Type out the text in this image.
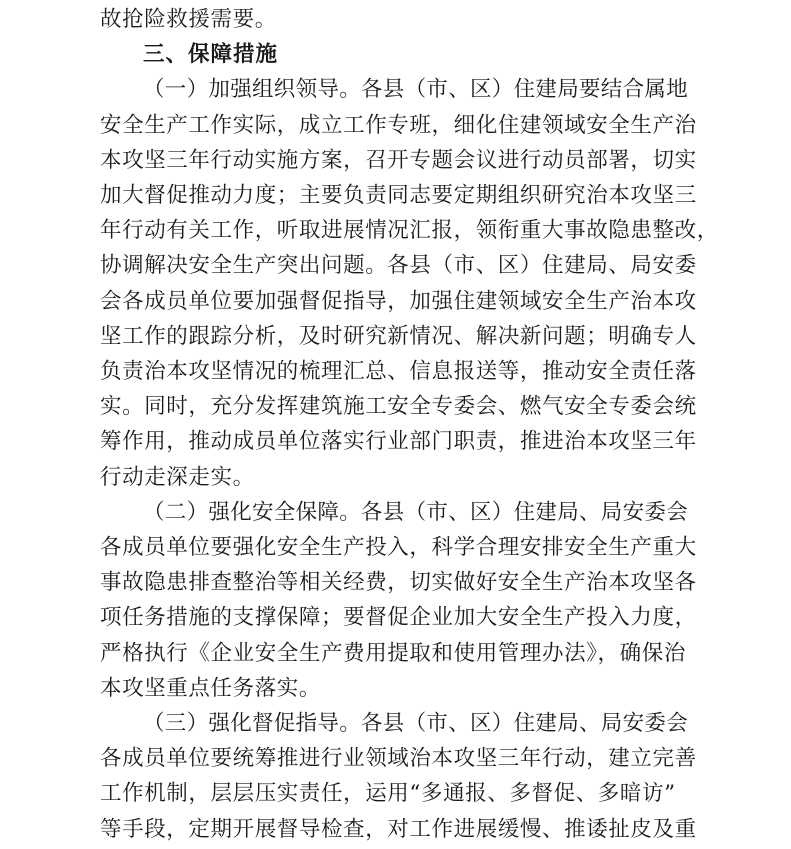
故抢险救援需要。

三、保障措施

（一）加强组织领导。各县（市、区）住建局要结合属地

安全生产工作实际，成立工作专班，细化住建领域安全生产治

本攻坚三年行动实施方案，召开专题会议进行动员部署，切实

加大督促推动力度；主要负责同志要定期组织研究治本攻坚三

年行动有关工作，听取进展情况汇报，领衔重大事故隐患整改，

协调解决安全生产突出问题。各县（市、区）住建局、局安委

会各成员单位要加强督促指导，加强住建领域安全生产治本攻

坚工作的跟踪分析，及时研究新情况、解决新问题；明确专人

负责治本攻坚情况的梳理汇总、信息报送等，推动安全责任落

实。同时，充分发挥建筑施工安全专委会、燃气安全专委会统

筹作用，推动成员单位落实行业部门职责，推进治本攻坚三年

行动走深走实。

（二）强化安全保障。各县（市、区）住建局、局安委会

各成员单位要强化安全生产投入，科学合理安排安全生产重大

事故隐患排查整治等相关经费，切实做好安全生产治本攻坚各

项任务措施的支撑保障；要督促企业加大安全生产投入力度，

严格执行《企业安全生产费用提取和使用管理办法》，确保治

本攻坚重点任务落实。

（三）强化督促指导。各县（市、区）住建局、局安委会

各成员单位要统筹推进行业领域治本攻坚三年行动，建立完善

工作机制，层层压实责任，运用“多通报、多督促、多暗访”

等手段，定期开展督导检查，对工作进展缓慢、推诿扯皮及重
